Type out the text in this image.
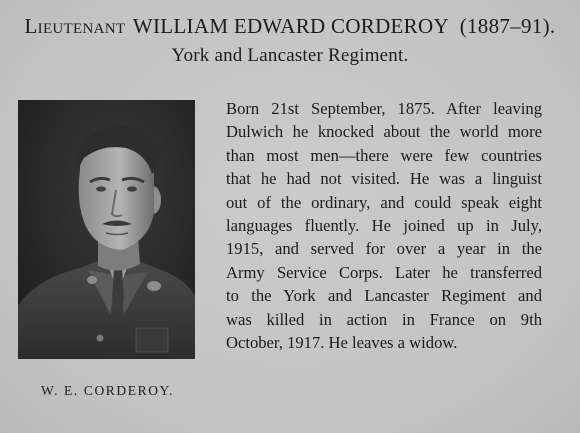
Lieutenant WILLIAM EDWARD CORDEROY (1887–91).
York and Lancaster Regiment.
W. E. CORDEROY.
Born 21st September, 1875. After leaving
Dulwich he knocked about the world more
than most men—there were few countries
that he had not visited. He was a linguist
out of the ordinary, and could speak eight
languages fluently. He joined up in July,
1915, and served for over a year in the
Army Service Corps. Later he transferred
to the York and Lancaster Regiment and
was killed in action in France on 9th
October, 1917. He leaves a widow.
